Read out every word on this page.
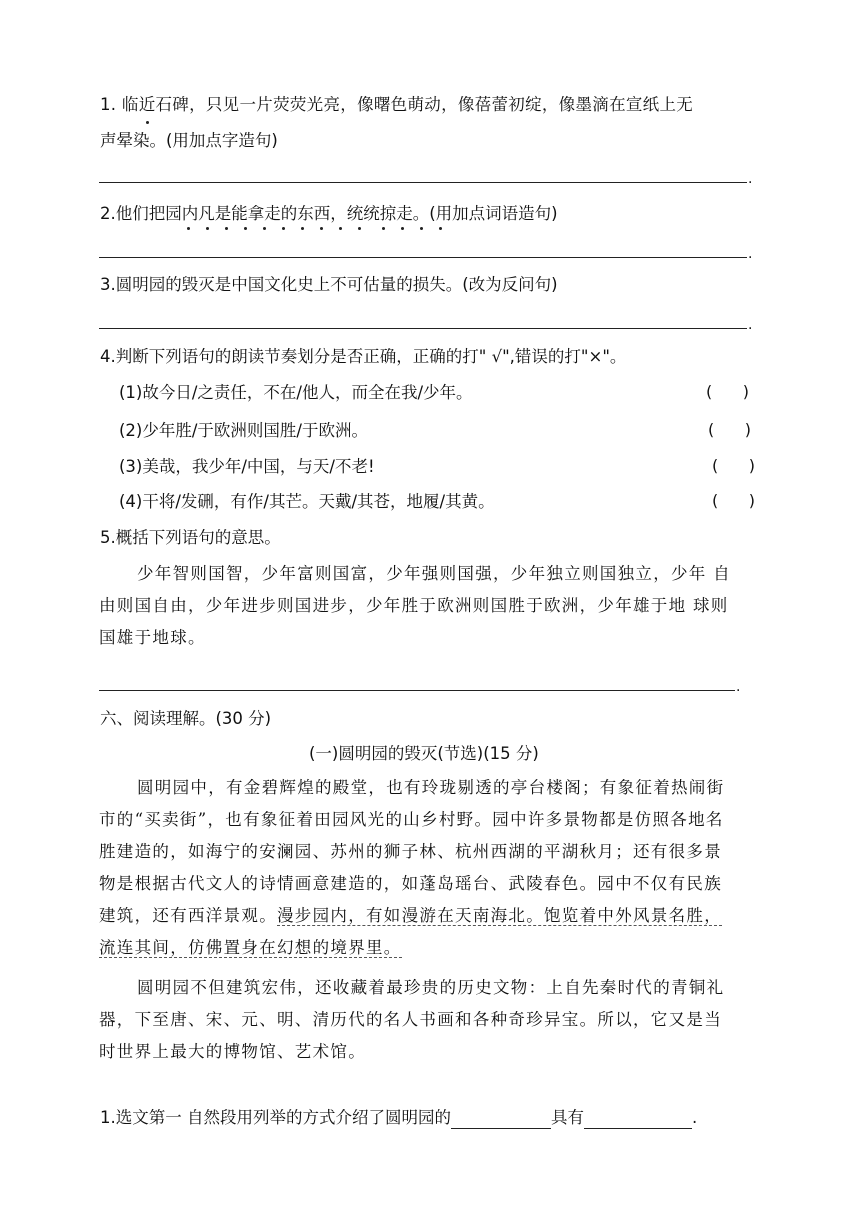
1. 临近石碑，只见一片荧荧光亮，像曙色萌动，像蓓蕾初绽，像墨滴在宣纸上无
声晕染。(用加点字造句)
.
2.他们把园内凡是能拿走的东西，统统掠走。(用加点词语造句)
.
3.圆明园的毁灭是中国文化史上不可估量的损失。(改为反问句)
.
4.判断下列语句的朗读节奏划分是否正确，正确的打" √",错误的打"×"。
(1)故今日/之责任，不在/他人，而全在我/少年。	(      )
(2)少年胜/于欧洲则国胜/于欧洲。	(      )
(3)美哉，我少年/中国，与天/不老!	(      )
(4)干将/发硎，有作/其芒。天戴/其苍，地履/其黄。	(      )
5.概括下列语句的意思。
少年智则国智，少年富则国富，少年强则国强，少年独立则国独立，少年 自
由则国自由，少年进步则国进步，少年胜于欧洲则国胜于欧洲，少年雄于地 球则
国雄于地球。
.
六、阅读理解。(30 分)
(一)圆明园的毁灭(节选)(15 分)
圆明园中，有金碧辉煌的殿堂，也有玲珑剔透的亭台楼阁；有象征着热闹街
市的“买卖街”，也有象征着田园风光的山乡村野。园中许多景物都是仿照各地名
胜建造的，如海宁的安澜园、苏州的狮子林、杭州西湖的平湖秋月；还有很多景
物是根据古代文人的诗情画意建造的，如蓬岛瑶台、武陵春色。园中不仅有民族
建筑，还有西洋景观。漫步园内，有如漫游在天南海北。饱览着中外风景名胜，
流连其间，仿佛置身在幻想的境界里。
圆明园不但建筑宏伟，还收藏着最珍贵的历史文物：上自先秦时代的青铜礼
器，下至唐、宋、元、明、清历代的名人书画和各种奇珍异宝。所以，它又是当
时世界上最大的博物馆、艺术馆。
1.选文第一 自然段用列举的方式介绍了圆明园的	具有	.
